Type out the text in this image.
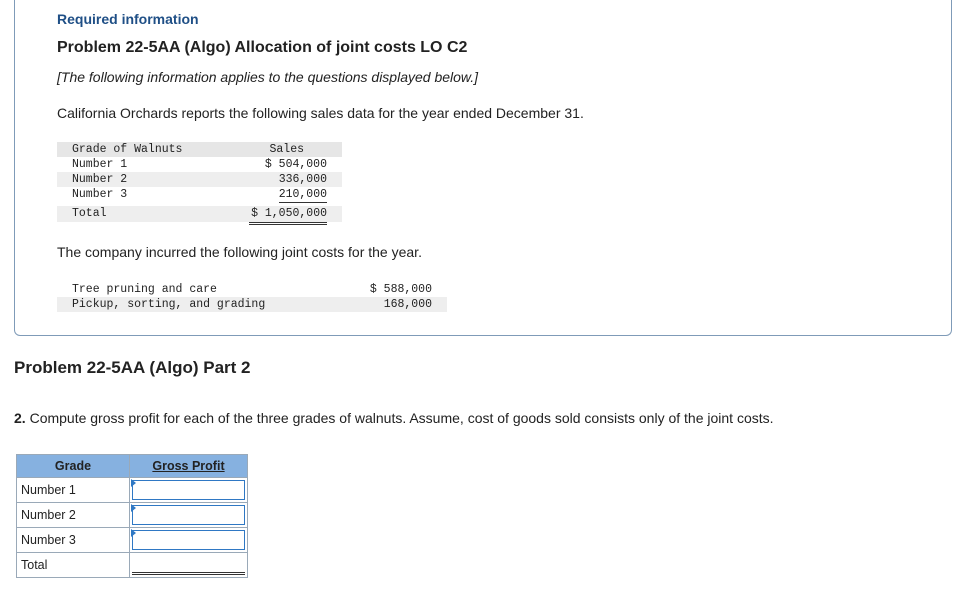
Required information
Problem 22-5AA (Algo) Allocation of joint costs LO C2
[The following information applies to the questions displayed below.]
California Orchards reports the following sales data for the year ended December 31.
Grade of Walnuts	Sales
Number 1	$ 504,000
Number 2	336,000
Number 3	210,000
Total	$ 1,050,000
The company incurred the following joint costs for the year.
Tree pruning and care	$ 588,000
Pickup, sorting, and grading	168,000
Problem 22-5AA (Algo) Part 2
2. Compute gross profit for each of the three grades of walnuts. Assume, cost of goods sold consists only of the joint costs.
Grade	Gross Profit
Number 1	

Number 2	

Number 3	

Total	
